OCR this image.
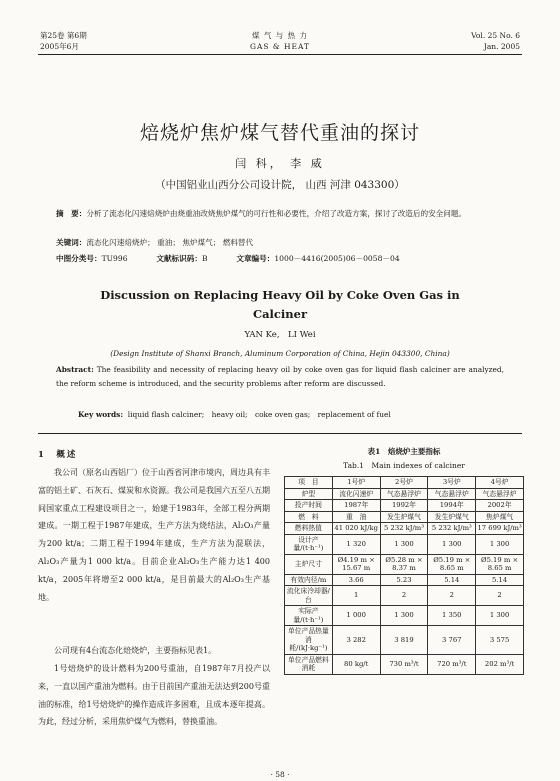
第25卷 第6期
2005年6月
煤 气 与 热 力
GAS & HEAT
Vol. 25 No. 6
Jan. 2005
焙烧炉焦炉煤气替代重油的探讨
闫 科， 李 威
（中国铝业山西分公司设计院， 山西 河津 043300）
摘　要：分析了流态化闪速焙烧炉由烧重油改烧焦炉煤气的可行性和必要性，介绍了改造方案，探讨了改造后的安全问题。
关键词：流态化闪速焙烧炉； 重油； 焦炉煤气； 燃料替代
中图分类号：TU996	文献标识码：B	文章编号：1000－4416(2005)06－0058－04
Discussion on Replacing Heavy Oil by Coke Oven Gas in
Calciner
YAN Ke,　LI Wei
(Design Institute of Shanxi Branch, Aluminum Corporation of China, Hejin 043300, China)
Abstract: The feasibility and necessity of replacing heavy oil by coke oven gas for liquid flash calciner are analyzed, the reform scheme is introduced, and the security problems after reform are discussed.
Key words: liquid flash calciner;　heavy oil;　coke oven gas;　replacement of fuel
1　概述
我公司（原名山西铝厂）位于山西省河津市境内，周边具有丰富的铝土矿、石灰石、煤炭和水资源。我公司是我国六五至八五期间国家重点工程建设项目之一，始建于1983年，全部工程分两期建成。一期工程于1987年建成，生产方法为烧结法，Al₂O₃产量为200 kt/a；二期工程于1994年建成，生产方法为混联法，Al₂O₃产量为1 000 kt/a。目前企业Al₂O₃生产能力达1 400 kt/a，2005年将增至2 000 kt/a，是目前最大的Al₂O₃生产基地。
公司现有4台流态化焙烧炉，主要指标见表1。
1号焙烧炉的设计燃料为200号重油，自1987年7月投产以来，一直以国产重油为燃料。由于目前国产重油无法达到200号重油的标准，给1号焙烧炉的操作造成许多困难，且成本逐年提高。为此，经过分析，采用焦炉煤气为燃料，替换重油。
表1　焙烧炉主要指标
Tab.1　Main indexes of calciner
项　目	1号炉	2号炉	3号炉	4号炉
炉型	流化闪速炉	气态悬浮炉	气态悬浮炉	气态悬浮炉
投产时间	1987年	1992年	1994年	2002年
燃　料	重　油	发生炉煤气	发生炉煤气	焦炉煤气
燃料热值	41 020 kJ/kg	5 232 kJ/m³	5 232 kJ/m³	17 699 kJ/m³
设计产量/(t·h⁻¹)	1 320	1 300	1 300	1 300
主炉尺寸	Ø4.19 m × 15.67 m	Ø5.28 m × 8.37 m	Ø5.19 m × 8.65 m	Ø5.19 m × 8.65 m
有效内径/m	3.66	5.23	5.14	5.14
流化床冷却器/台	1	2	2	2
实际产量/(t·h⁻¹)	1 000	1 300	1 350	1 300
单位产品热量消耗/(kJ·kg⁻¹)	3 282	3 819	3 767	3 575
单位产品燃料消耗	80 kg/t	730 m³/t	720 m³/t	202 m³/t
· 58 ·
